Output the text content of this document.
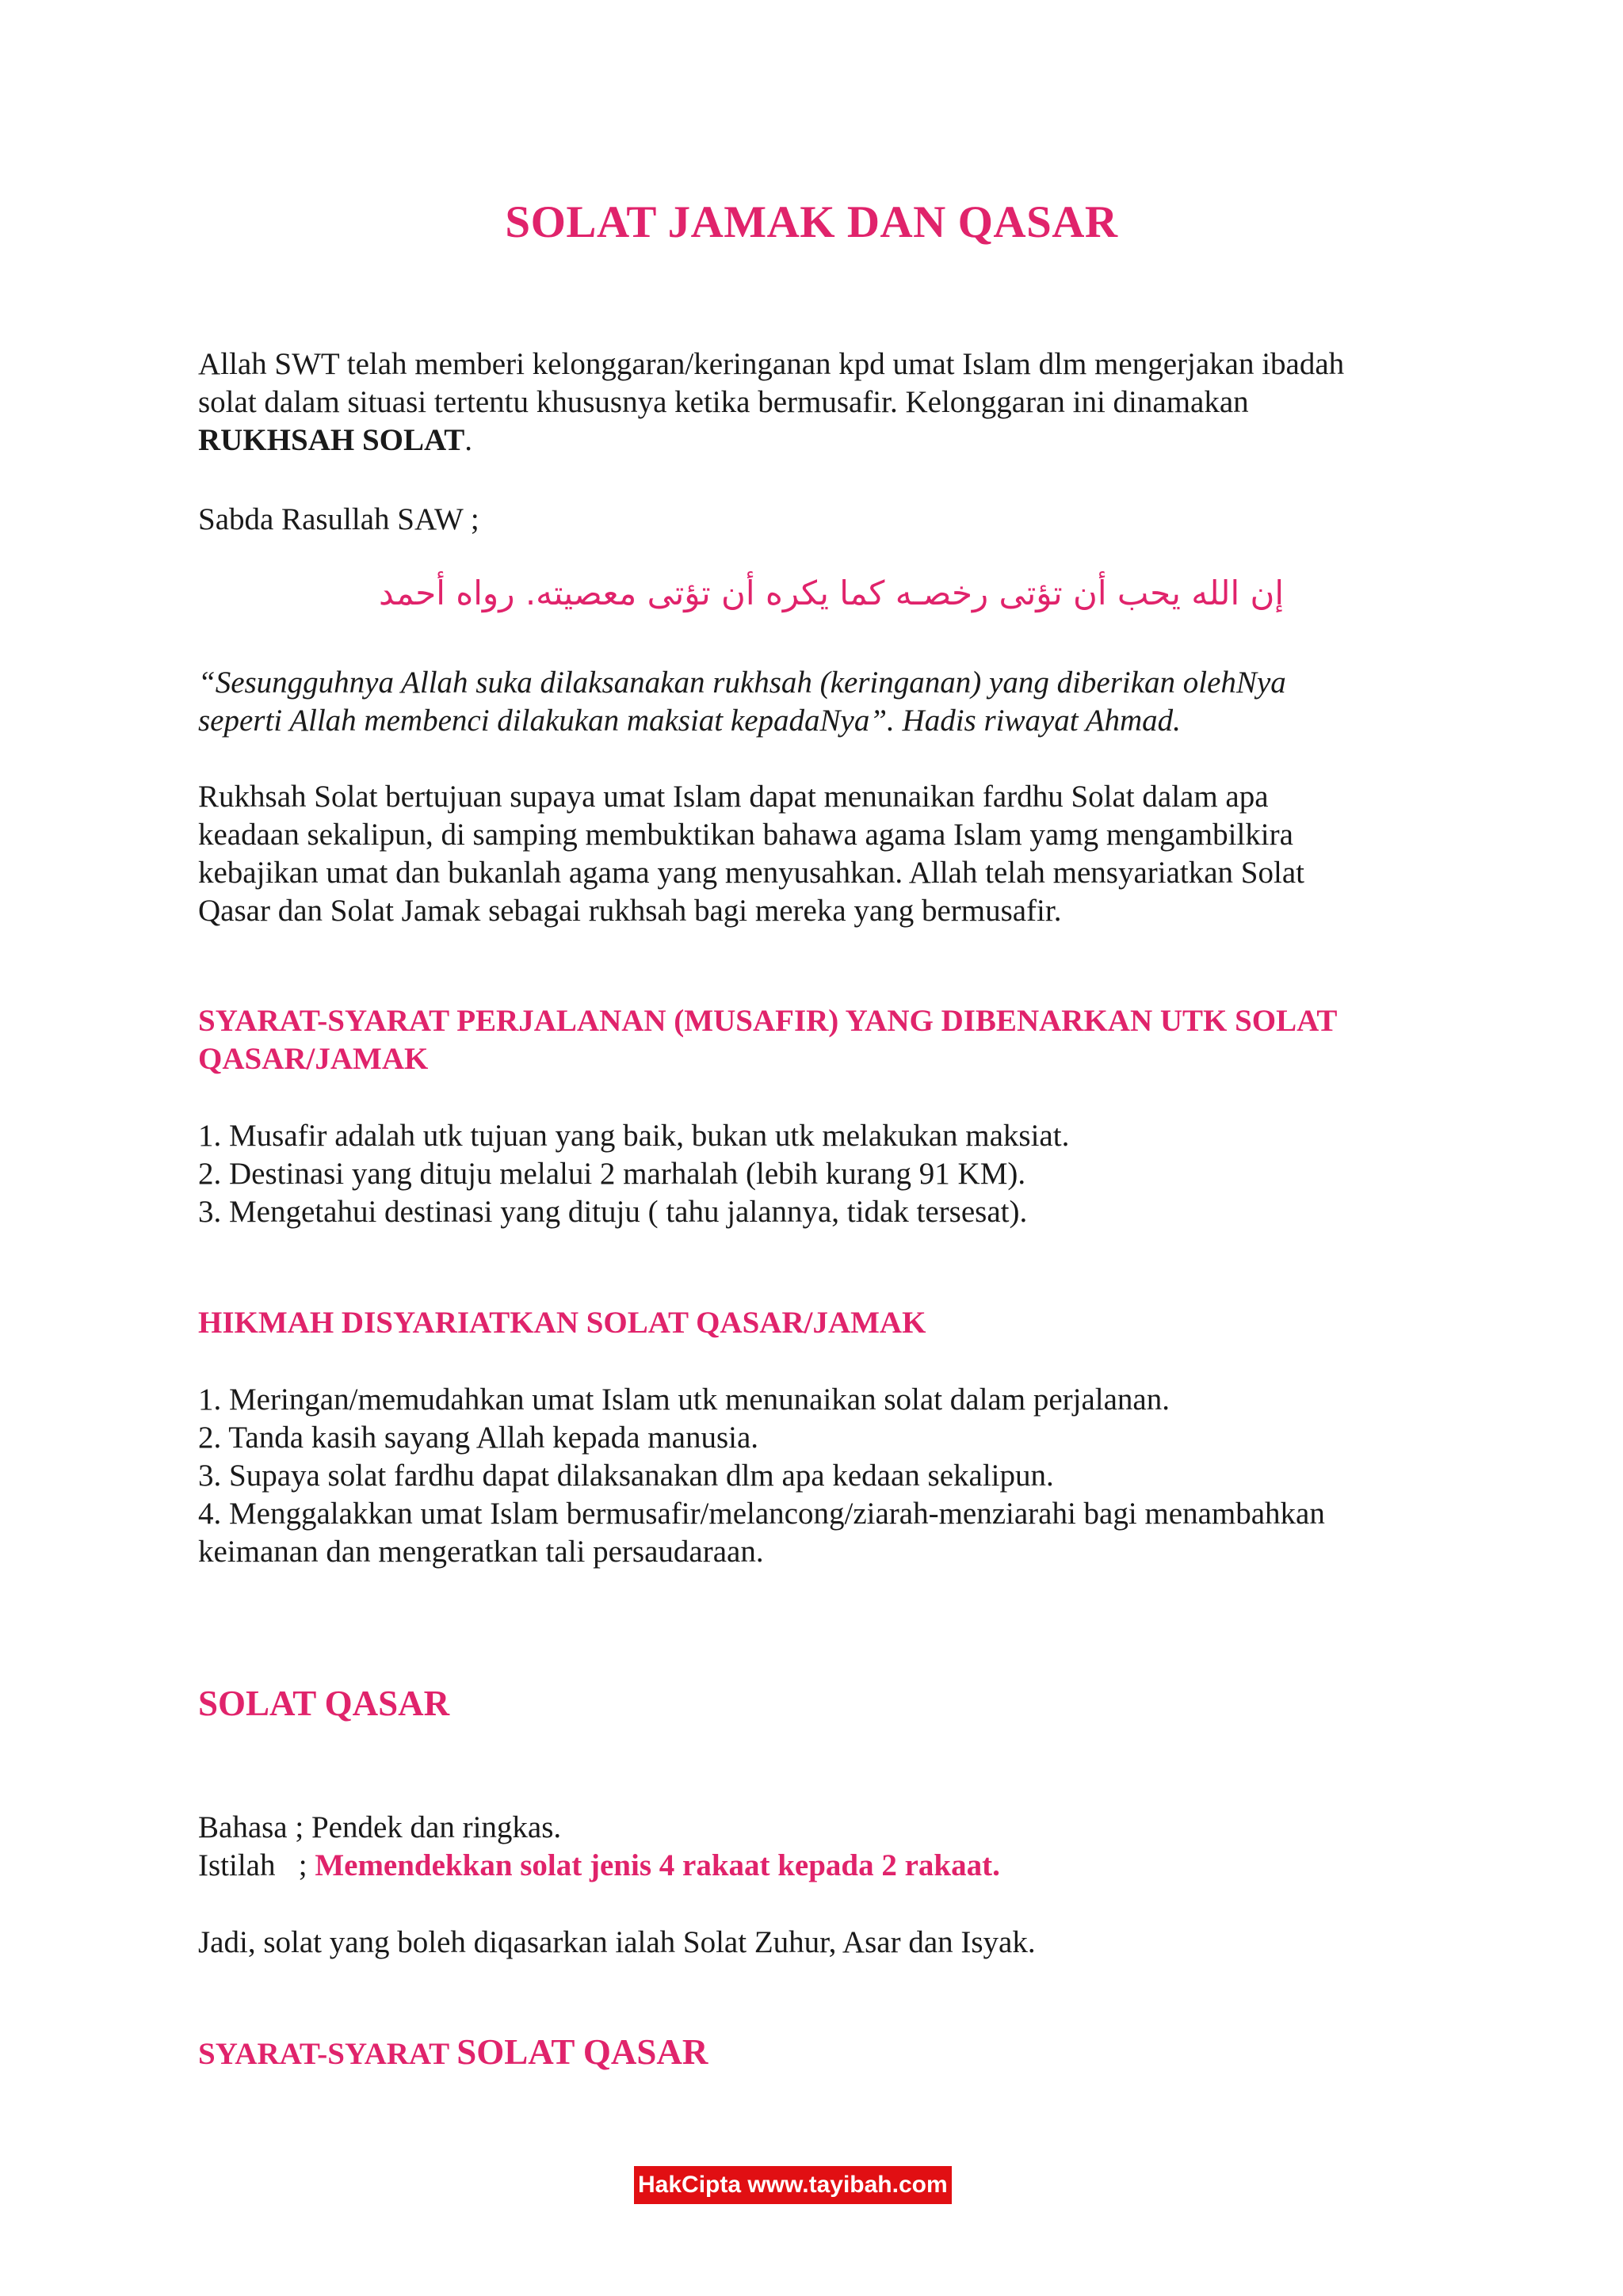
SOLAT JAMAK DAN QASAR

Allah SWT telah memberi kelonggaran/keringanan kpd umat Islam dlm mengerjakan ibadah
solat dalam situasi tertentu khususnya ketika bermusafir. Kelonggaran ini dinamakan
RUKHSAH SOLAT.

Sabda Rasullah SAW ;

إن الله يحب أن تؤتى رخصـه كما يكره أن تؤتى معصيته. رواه أحمد

“Sesungguhnya Allah suka dilaksanakan rukhsah (keringanan) yang diberikan olehNya
seperti Allah membenci dilakukan maksiat kepadaNya”. Hadis riwayat Ahmad.

Rukhsah Solat bertujuan supaya umat Islam dapat menunaikan fardhu Solat dalam apa
keadaan sekalipun, di samping membuktikan bahawa agama Islam yamg mengambilkira
kebajikan umat dan bukanlah agama yang menyusahkan. Allah telah mensyariatkan Solat
Qasar dan Solat Jamak sebagai rukhsah bagi mereka yang bermusafir.

SYARAT-SYARAT PERJALANAN (MUSAFIR) YANG DIBENARKAN UTK SOLAT
QASAR/JAMAK

1. Musafir adalah utk tujuan yang baik, bukan utk melakukan maksiat.
2. Destinasi yang dituju melalui 2 marhalah (lebih kurang 91 KM).
3. Mengetahui destinasi yang dituju ( tahu jalannya, tidak tersesat).

HIKMAH DISYARIATKAN SOLAT QASAR/JAMAK

1. Meringan/memudahkan umat Islam utk menunaikan solat dalam perjalanan.
2. Tanda kasih sayang Allah kepada manusia.
3. Supaya solat fardhu dapat dilaksanakan dlm apa kedaan sekalipun.
4. Menggalakkan umat Islam bermusafir/melancong/ziarah-menziarahi bagi menambahkan
keimanan dan mengeratkan tali persaudaraan.

SOLAT QASAR

Bahasa ; Pendek dan ringkas.
Istilah   ; Memendekkan solat jenis 4 rakaat kepada 2 rakaat.

Jadi, solat yang boleh diqasarkan ialah Solat Zuhur, Asar dan Isyak.

SYARAT-SYARAT SOLAT QASAR
HakCipta www.tayibah.com
